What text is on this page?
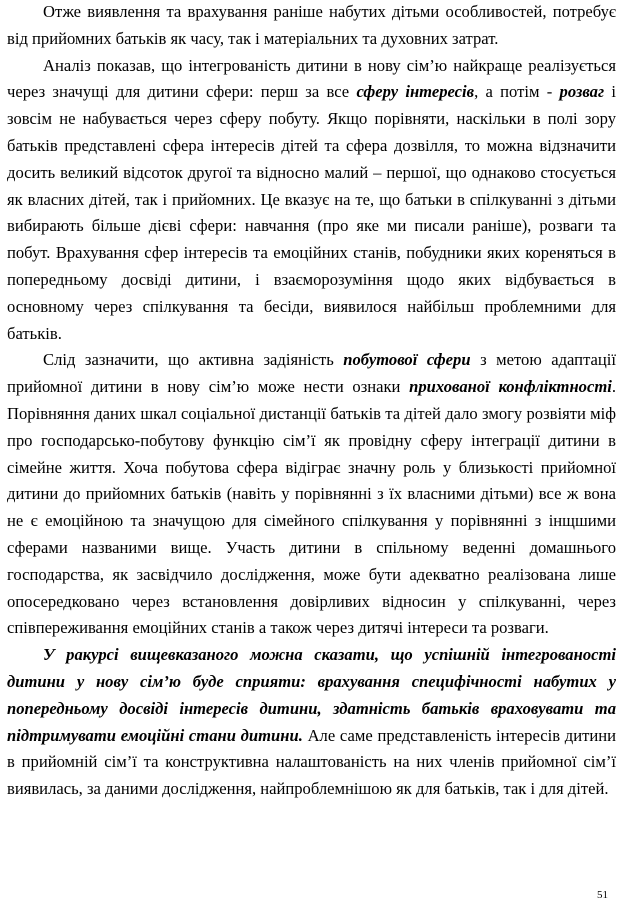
Отже виявлення та врахування раніше набутих дітьми особливостей, потребує від прийомних батьків як часу, так і матеріальних та духовних затрат.

Аналіз показав, що інтегрованість дитини в нову сім’ю найкраще реалізується через значущі для дитини сфери: перш за все сферу інтересів, а потім - розваг і зовсім не набувається через сферу побуту. Якщо порівняти, наскільки в полі зору батьків представлені сфера інтересів дітей та сфера дозвілля, то можна відзначити досить великий відсоток другої та відносно малий – першої, що однаково стосується як власних дітей, так і прийомних. Це вказує на те, що батьки в спілкуванні з дітьми вибирають більше дієві сфери: навчання (про яке ми писали раніше), розваги та побут. Врахування сфер інтересів та емоційних станів, побудники яких кореняться в попередньому досвіді дитини, і взаєморозуміння щодо яких відбувається в основному через спілкування та бесіди, виявилося найбільш проблемними для батьків.

Слід зазначити, що активна задіяність побутової сфери з метою адаптації прийомної дитини в нову сім’ю може нести ознаки прихованої конфліктності. Порівняння даних шкал соціальної дистанції батьків та дітей дало змогу розвіяти міф про господарсько-побутову функцію сім’ї як провідну сферу інтеграції дитини в сімейне життя. Хоча побутова сфера відіграє значну роль у близькості прийомної дитини до прийомних батьків (навіть у порівнянні з їх власними дітьми) все ж вона не є емоційною та значущою для сімейного спілкування у порівнянні з інщшими сферами названими вище. Участь дитини в спільному веденні домашнього господарства, як засвідчило дослідження, може бути адекватно реалізована лише опосередковано через встановлення довірливих відносин у спілкуванні, через співпереживання емоційних станів а також через дитячі інтереси та розваги.

У ракурсі вищевказаного можна сказати, що успішній інтегрованості дитини у нову сім’ю буде сприяти: врахування специфічності набутих у попередньому досвіді інтересів дитини, здатність батьків враховувати та підтримувати емоційні стани дитини. Але саме представленість інтересів дитини в прийомній сім’ї та конструктивна налаштованість на них членів прийомної сім’ї виявилась, за даними дослідження, найпроблемнішою як для батьків, так і для дітей.

51
